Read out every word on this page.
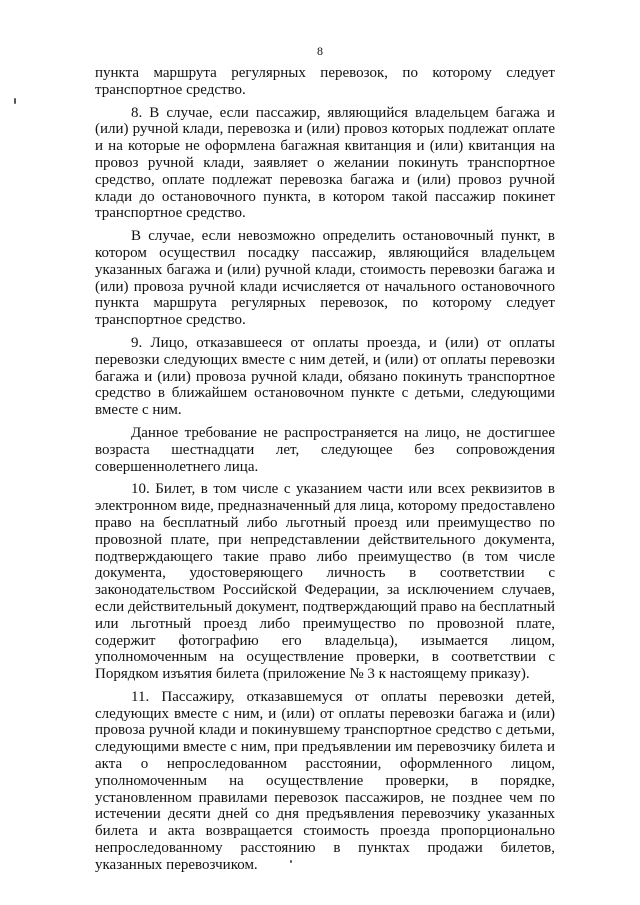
8

пункта маршрута регулярных перевозок, по которому следует транспортное средство.

8. В случае, если пассажир, являющийся владельцем багажа и (или) ручной клади, перевозка и (или) провоз которых подлежат оплате и на которые не оформлена багажная квитанция и (или) квитанция на провоз ручной клади, заявляет о желании покинуть транспортное средство, оплате подлежат перевозка багажа и (или) провоз ручной клади до остановочного пункта, в котором такой пассажир покинет транспортное средство.

В случае, если невозможно определить остановочный пункт, в котором осуществил посадку пассажир, являющийся владельцем указанных багажа и (или) ручной клади, стоимость перевозки багажа и (или) провоза ручной клади исчисляется от начального остановочного пункта маршрута регулярных перевозок, по которому следует транспортное средство.

9. Лицо, отказавшееся от оплаты проезда, и (или) от оплаты перевозки следующих вместе с ним детей, и (или) от оплаты перевозки багажа и (или) провоза ручной клади, обязано покинуть транспортное средство в ближайшем остановочном пункте с детьми, следующими вместе с ним.

Данное требование не распространяется на лицо, не достигшее возраста шестнадцати лет, следующее без сопровождения совершеннолетнего лица.

10. Билет, в том числе с указанием части или всех реквизитов в электронном виде, предназначенный для лица, которому предоставлено право на бесплатный либо льготный проезд или преимущество по провозной плате, при непредставлении действительного документа, подтверждающего такие право либо преимущество (в том числе документа, удостоверяющего личность в соответствии с законодательством Российской Федерации, за исключением случаев, если действительный документ, подтверждающий право на бесплатный или льготный проезд либо преимущество по провозной плате, содержит фотографию его владельца), изымается лицом, уполномоченным на осуществление проверки, в соответствии с Порядком изъятия билета (приложение № 3 к настоящему приказу).

11. Пассажиру, отказавшемуся от оплаты перевозки детей, следующих вместе с ним, и (или) от оплаты перевозки багажа и (или) провоза ручной клади и покинувшему транспортное средство с детьми, следующими вместе с ним, при предъявлении им перевозчику билета и акта о непроследованном расстоянии, оформленного лицом, уполномоченным на осуществление проверки, в порядке, установленном правилами перевозок пассажиров, не позднее чем по истечении десяти дней со дня предъявления перевозчику указанных билета и акта возвращается стоимость проезда пропорционально непроследованному расстоянию в пунктах продажи билетов, указанных перевозчиком.
